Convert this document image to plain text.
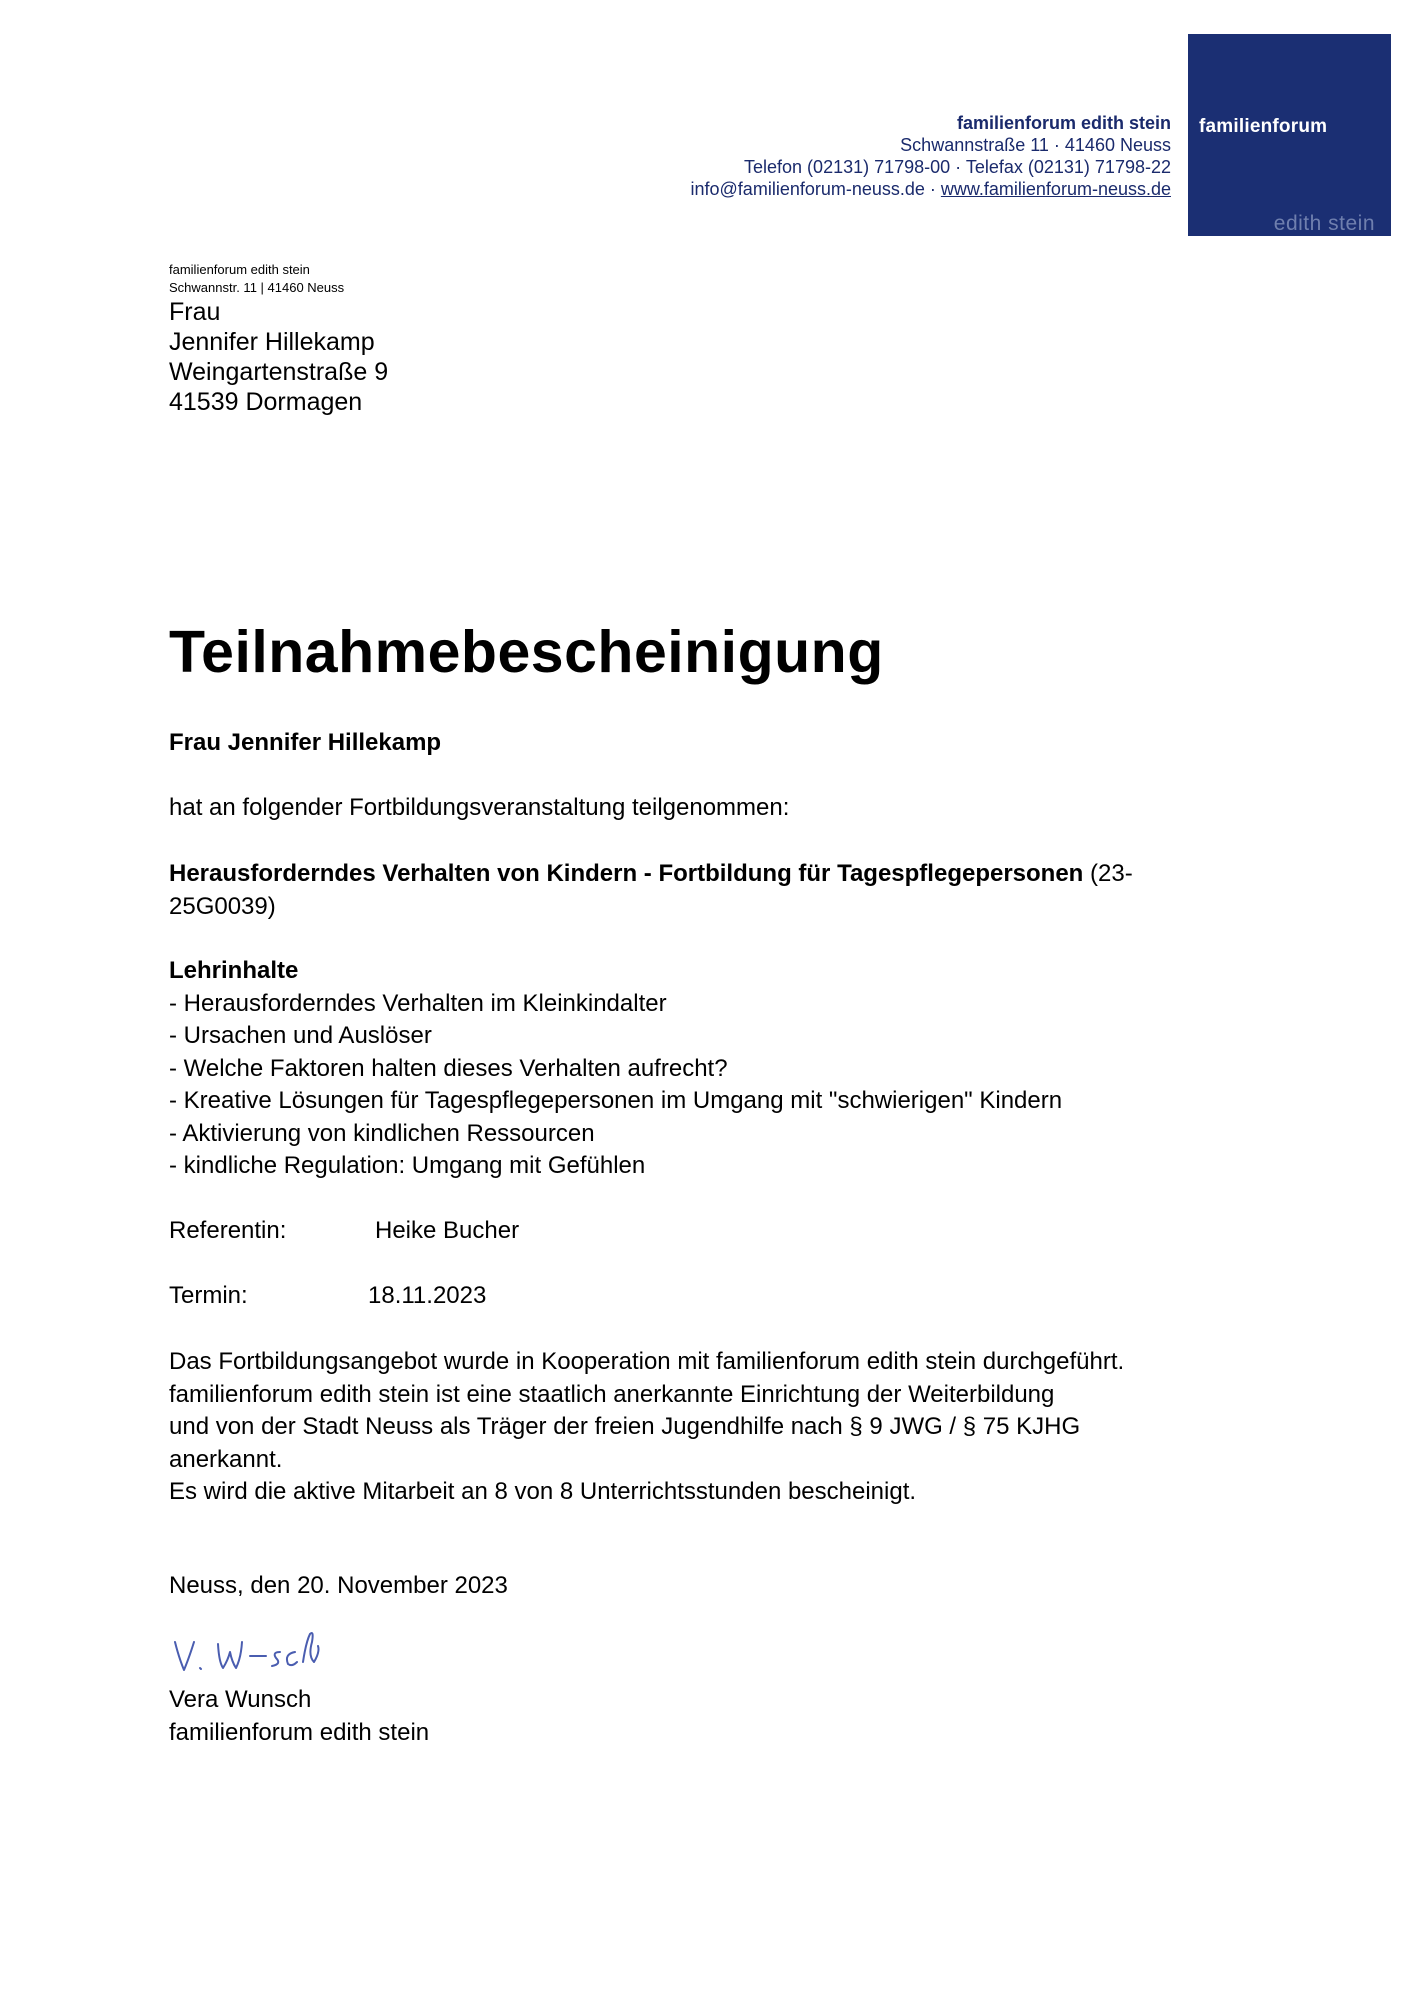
familienforum edith stein
Schwannstraße 11 · 41460 Neuss
Telefon (02131) 71798-00 · Telefax (02131) 71798-22
info@familienforum-neuss.de · www.familienforum-neuss.de
familienforum
edith stein
familienforum edith stein
Schwannstr. 11 | 41460 Neuss
Frau
Jennifer Hillekamp
Weingartenstraße 9
41539 Dormagen
Teilnahmebescheinigung
Frau Jennifer Hillekamp
hat an folgender Fortbildungsveranstaltung teilgenommen:
Herausforderndes Verhalten von Kindern - Fortbildung für Tagespflegepersonen (23-
25G0039)
Lehrinhalte
- Herausforderndes Verhalten im Kleinkindalter
- Ursachen und Auslöser
- Welche Faktoren halten dieses Verhalten aufrecht?
- Kreative Lösungen für Tagespflegepersonen im Umgang mit "schwierigen" Kindern
- Aktivierung von kindlichen Ressourcen
- kindliche Regulation: Umgang mit Gefühlen
Referentin:	Heike Bucher
Termin:	18.11.2023
Das Fortbildungsangebot wurde in Kooperation mit familienforum edith stein durchgeführt.
familienforum edith stein ist eine staatlich anerkannte Einrichtung der Weiterbildung
und von der Stadt Neuss als Träger der freien Jugendhilfe nach § 9 JWG / § 75 KJHG
anerkannt.
Es wird die aktive Mitarbeit an 8 von 8 Unterrichtsstunden bescheinigt.
Neuss, den 20. November 2023
Vera Wunsch
familienforum edith stein
